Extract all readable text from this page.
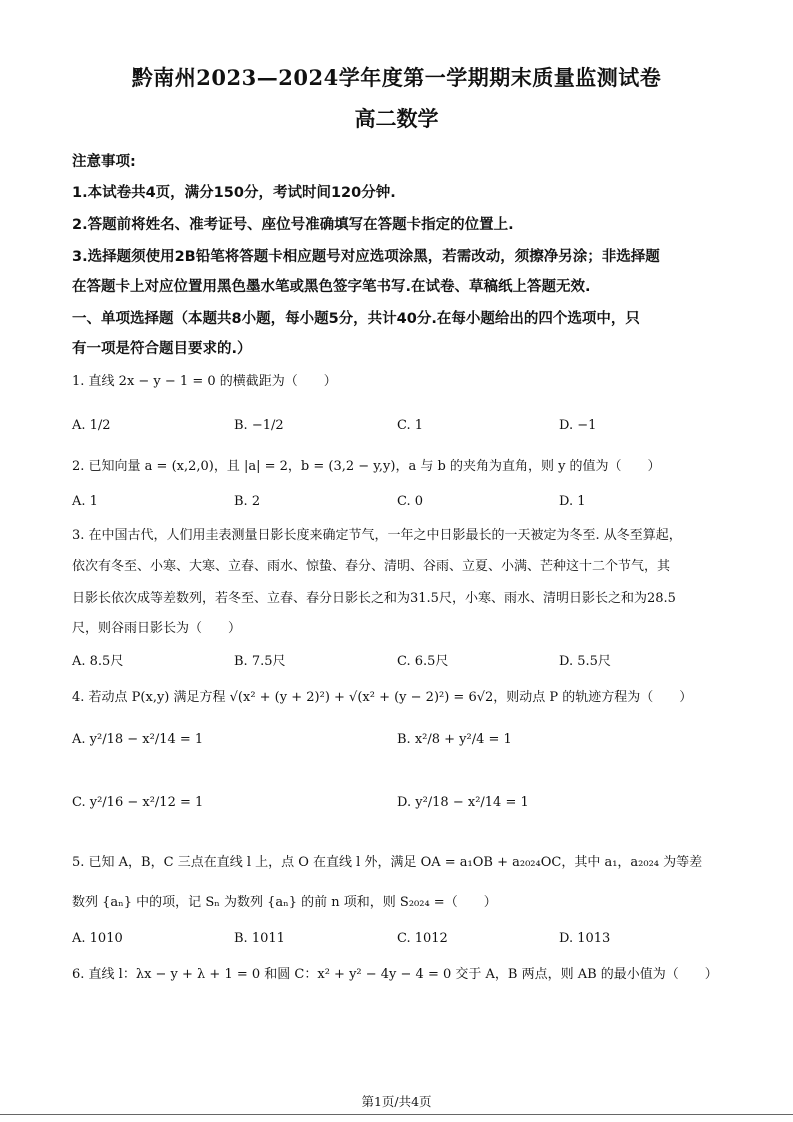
黔南州2023—2024学年度第一学期期末质量监测试卷
高二数学
注意事项:
1.本试卷共4页，满分150分，考试时间120分钟.
2.答题前将姓名、准考证号、座位号准确填写在答题卡指定的位置上.
3.选择题须使用2B铅笔将答题卡相应题号对应选项涂黑，若需改动，须擦净另涂；非选择题
在答题卡上对应位置用黑色墨水笔或黑色签字笔书写.在试卷、草稿纸上答题无效.
一、单项选择题（本题共8小题，每小题5分，共计40分.在每小题给出的四个选项中，只
有一项是符合题目要求的.）
1. 直线 2x − y − 1 = 0 的横截距为（　　）
A. 1/2	B. −1/2	C. 1	D. −1
2. 已知向量 a = (x,2,0)，且 |a| = 2，b = (3,2 − y,y)，a 与 b 的夹角为直角，则 y 的值为（　　）
A. 1	B. 2	C. 0	D. 1
3. 在中国古代，人们用圭表测量日影长度来确定节气，一年之中日影最长的一天被定为冬至. 从冬至算起，
依次有冬至、小寒、大寒、立春、雨水、惊蛰、春分、清明、谷雨、立夏、小满、芒种这十二个节气，其
日影长依次成等差数列，若冬至、立春、春分日影长之和为31.5尺，小寒、雨水、清明日影长之和为28.5
尺，则谷雨日影长为（　　）
A. 8.5尺	B. 7.5尺	C. 6.5尺	D. 5.5尺
4. 若动点 P(x,y) 满足方程 √(x² + (y + 2)²) + √(x² + (y − 2)²) = 6√2，则动点 P 的轨迹方程为（　　）
A. y²/18 − x²/14 = 1	B. x²/8 + y²/4 = 1
C. y²/16 − x²/12 = 1	D. y²/18 − x²/14 = 1
5. 已知 A，B，C 三点在直线 l 上，点 O 在直线 l 外，满足 OA = a₁OB + a₂₀₂₄OC，其中 a₁，a₂₀₂₄ 为等差
数列 {aₙ} 中的项，记 Sₙ 为数列 {aₙ} 的前 n 项和，则 S₂₀₂₄ =（　　）
A. 1010	B. 1011	C. 1012	D. 1013
6. 直线 l：λx − y + λ + 1 = 0 和圆 C：x² + y² − 4y − 4 = 0 交于 A，B 两点，则 AB 的最小值为（　　）
第1页/共4页
